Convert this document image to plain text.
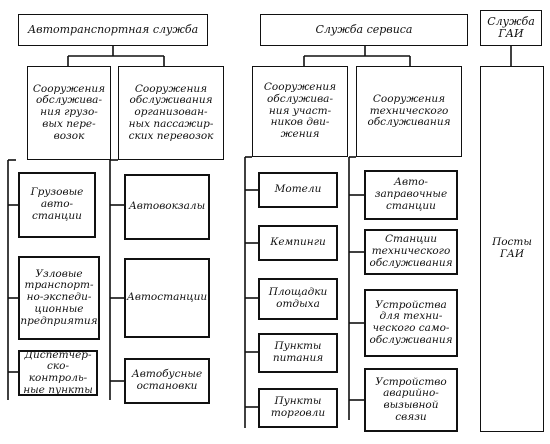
Автотранспортная служба	Служба сервиса
Служба
ГАИ
Сооружения
обслужива-
ния грузо-
вых пере-
возок
Сооружения
обслуживания
организован-
ных пассажир-
ских перевозок
Сооружения
обслужива-
ния участ-
ников дви-
жения
Сооружения
технического
обслуживания
Посты
ГАИ
Грузовые
авто-
станции
Узловые
транспорт-
но-экспеди-
ционные
предприятия
Диспетчер-
ско-контроль-
ные пункты
Автовокзалы
Автостанции
Автобусные
остановки
Мотели
Кемпинги
Площадки
отдыха
Пункты
питания
Пункты
торговли
Авто-
заправочные
станции
Станции
технического
обслуживания
Устройства
для техни-
ческого само-
обслуживания
Устройство
аварийно-
вызывной
связи
